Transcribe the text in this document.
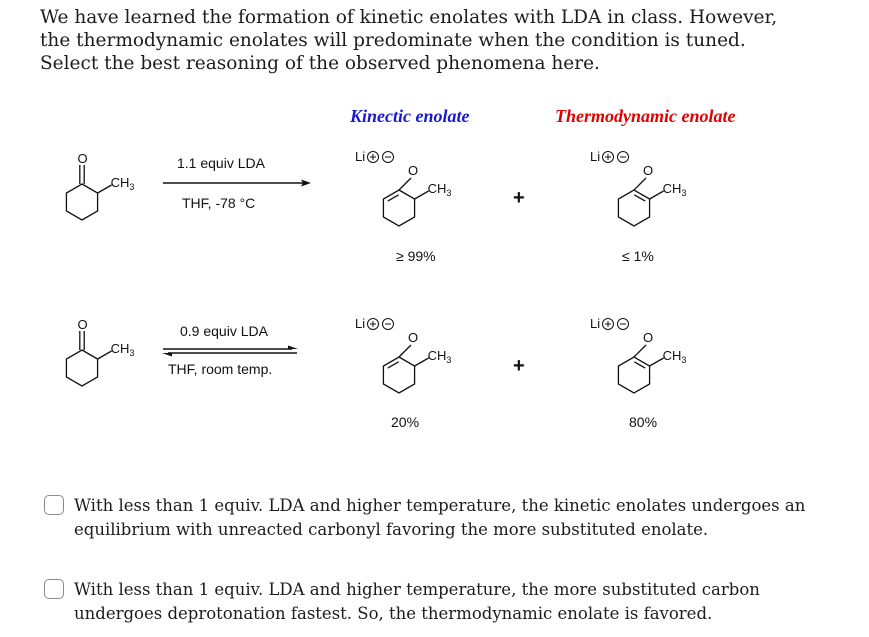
We have learned the formation of kinetic enolates with LDA in class. However, the thermodynamic enolates will predominate when the condition is tuned. Select the best reasoning of the observed phenomena here.

Kinectic enolate	Thermodynamic enolate
O
$CH_3$
O
$CH_3$
O
Li
$CH_3$
O
Li
$CH_3$
O
Li
$CH_3$
O
Li
$CH_3$
1.1 equiv LDA
THF, -78 °C
0.9 equiv LDA
THF, room temp.
≥ 99%	≤ 1%
20%	80%
+
+
With less than 1 equiv. LDA and higher temperature, the kinetic enolates undergoes an equilibrium with unreacted carbonyl favoring the more substituted enolate.
With less than 1 equiv. LDA and higher temperature, the more substituted carbon undergoes deprotonation fastest. So, the thermodynamic enolate is favored.
